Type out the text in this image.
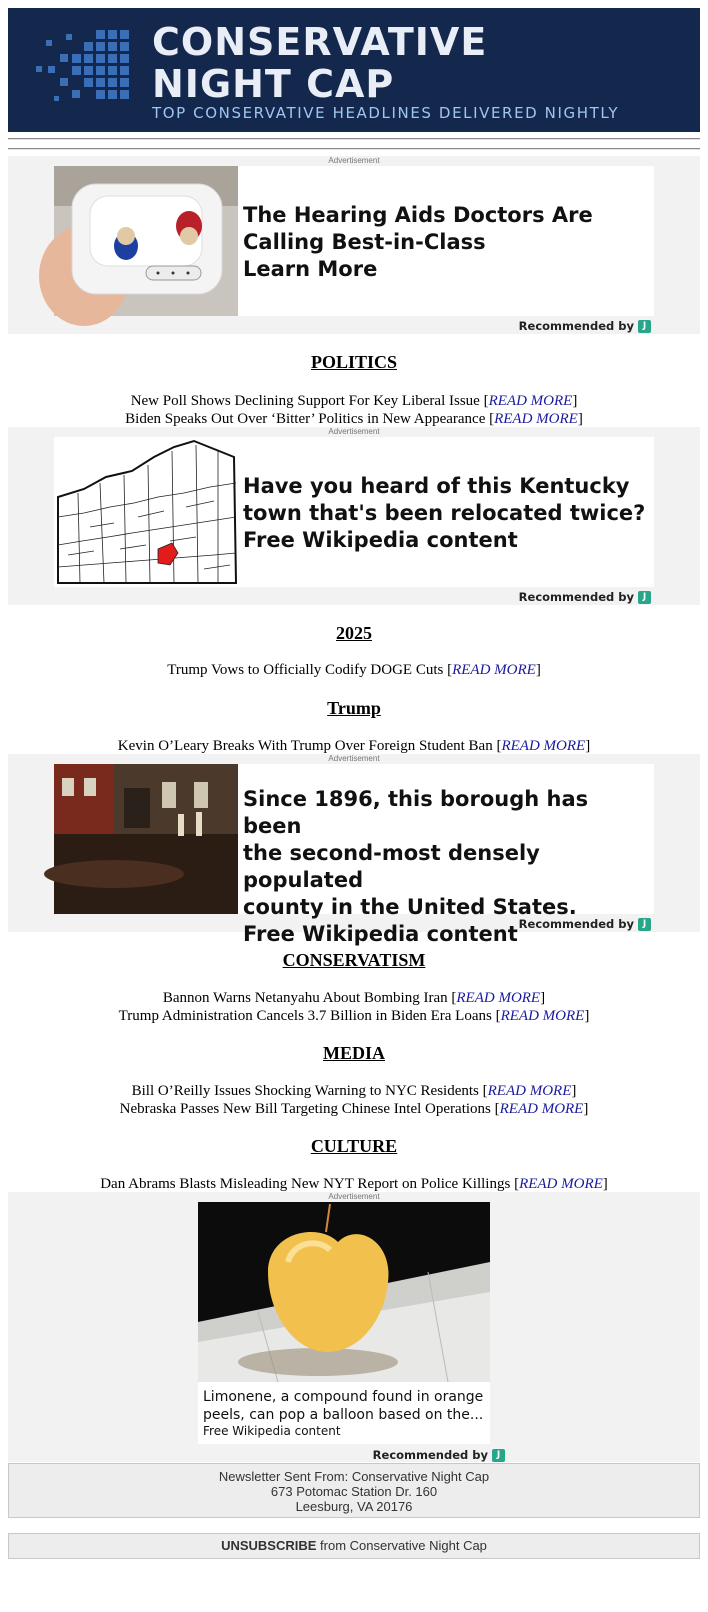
CONSERVATIVE
NIGHT CAP
TOP CONSERVATIVE HEADLINES DELIVERED NIGHTLY
Advertisement
The Hearing Aids Doctors Are
Calling Best-in-Class
Learn More
Recommended by J
POLITICS
New Poll Shows Declining Support For Key Liberal Issue [READ MORE]
Biden Speaks Out Over ‘Bitter’ Politics in New Appearance [READ MORE]
Advertisement
Have you heard of this Kentucky
town that's been relocated twice?
Free Wikipedia content
Recommended by J
2025
Trump Vows to Officially Codify DOGE Cuts [READ MORE]
Trump
Kevin O’Leary Breaks With Trump Over Foreign Student Ban [READ MORE]
Advertisement
Since 1896, this borough has been
the second-most densely populated
county in the United States.
Free Wikipedia content Recommended by J
CONSERVATISM
Bannon Warns Netanyahu About Bombing Iran [READ MORE]
Trump Administration Cancels 3.7 Billion in Biden Era Loans [READ MORE]
MEDIA
Bill O’Reilly Issues Shocking Warning to NYC Residents [READ MORE]
Nebraska Passes New Bill Targeting Chinese Intel Operations [READ MORE]
CULTURE
Dan Abrams Blasts Misleading New NYT Report on Police Killings [READ MORE]
Advertisement
Limonene, a compound found in orange
peels, can pop a balloon based on the...
Free Wikipedia content
Recommended by J
Newsletter Sent From: Conservative Night Cap
673 Potomac Station Dr. 160
Leesburg, VA 20176
UNSUBSCRIBE from Conservative Night Cap
